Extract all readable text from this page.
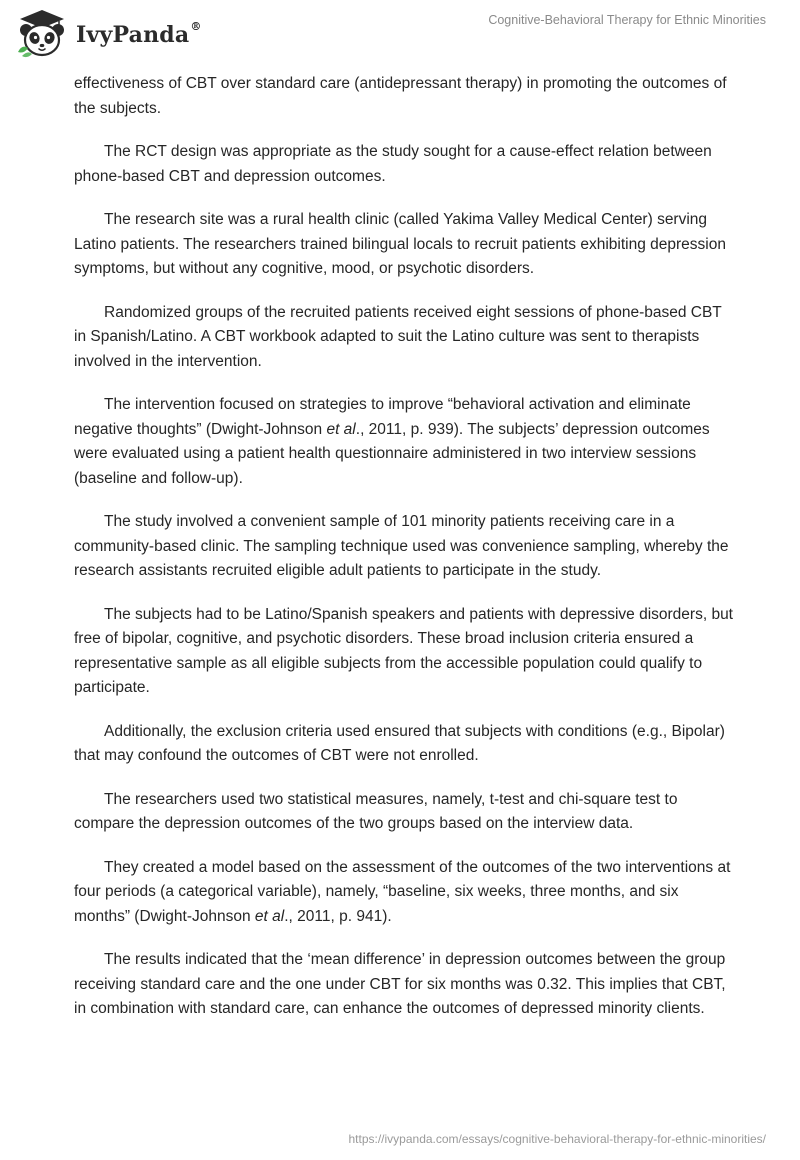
IvyPanda®	Cognitive-Behavioral Therapy for Ethnic Minorities

effectiveness of CBT over standard care (antidepressant therapy) in promoting the outcomes of the subjects.

The RCT design was appropriate as the study sought for a cause-effect relation between phone-based CBT and depression outcomes.

The research site was a rural health clinic (called Yakima Valley Medical Center) serving Latino patients. The researchers trained bilingual locals to recruit patients exhibiting depression symptoms, but without any cognitive, mood, or psychotic disorders.

Randomized groups of the recruited patients received eight sessions of phone-based CBT in Spanish/Latino. A CBT workbook adapted to suit the Latino culture was sent to therapists involved in the intervention.

The intervention focused on strategies to improve “behavioral activation and eliminate negative thoughts” (Dwight-Johnson et al., 2011, p. 939). The subjects’ depression outcomes were evaluated using a patient health questionnaire administered in two interview sessions (baseline and follow-up).

The study involved a convenient sample of 101 minority patients receiving care in a community-based clinic. The sampling technique used was convenience sampling, whereby the research assistants recruited eligible adult patients to participate in the study.

The subjects had to be Latino/Spanish speakers and patients with depressive disorders, but free of bipolar, cognitive, and psychotic disorders. These broad inclusion criteria ensured a representative sample as all eligible subjects from the accessible population could qualify to participate.

Additionally, the exclusion criteria used ensured that subjects with conditions (e.g., Bipolar) that may confound the outcomes of CBT were not enrolled.

The researchers used two statistical measures, namely, t-test and chi-square test to compare the depression outcomes of the two groups based on the interview data.

They created a model based on the assessment of the outcomes of the two interventions at four periods (a categorical variable), namely, “baseline, six weeks, three months, and six months” (Dwight-Johnson et al., 2011, p. 941).

The results indicated that the ‘mean difference’ in depression outcomes between the group receiving standard care and the one under CBT for six months was 0.32. This implies that CBT, in combination with standard care, can enhance the outcomes of depressed minority clients.

https://ivypanda.com/essays/cognitive-behavioral-therapy-for-ethnic-minorities/
